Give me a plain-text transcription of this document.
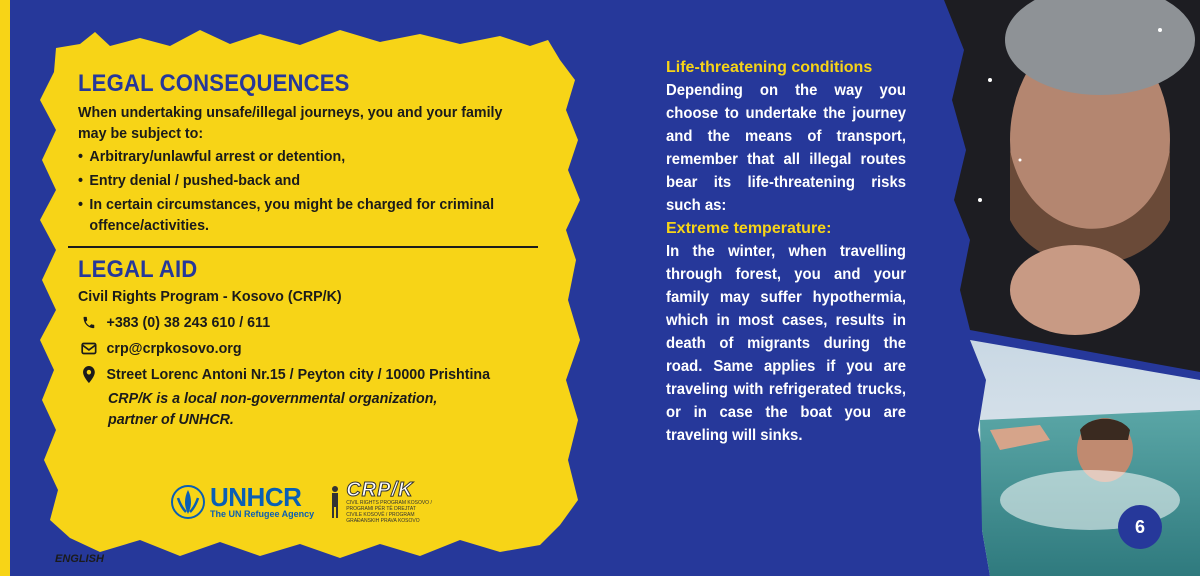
LEGAL CONSEQUENCES
When undertaking unsafe/illegal journeys, you and your family may be subject to:
• Arbitrary/unlawful arrest or detention,
• Entry denial / pushed-back and
• In certain circumstances, you might be charged for criminal offence/activities.
LEGAL AID
Civil Rights Program - Kosovo (CRP/K)
+383 (0) 38 243 610 / 611
crp@crpkosovo.org
Street Lorenc Antoni Nr.15 / Peyton city / 10000 Prishtina
CRP/K is a local non-governmental organization, partner of UNHCR.
UNHCR
The UN Refugee Agency
CRP/K
CIVIL RIGHTS PROGRAM KOSOVO / PROGRAMI PËR TË DREJTAT CIVILE KOSOVË / PROGRAM GRAĐANSKIH PRAVA KOSOVO
ENGLISH
Life-threatening conditions

Depending on the way you choose to undertake the journey and the means of transport, remember that all illegal routes bear its life-threatening risks such as:

Extreme temperature:

In the winter, when travelling through forest, you and your family may suffer hypothermia, which in most cases, results in death of migrants during the road. Same applies if you are traveling with refrigerated trucks, or in case the boat you are traveling will sinks.

6
